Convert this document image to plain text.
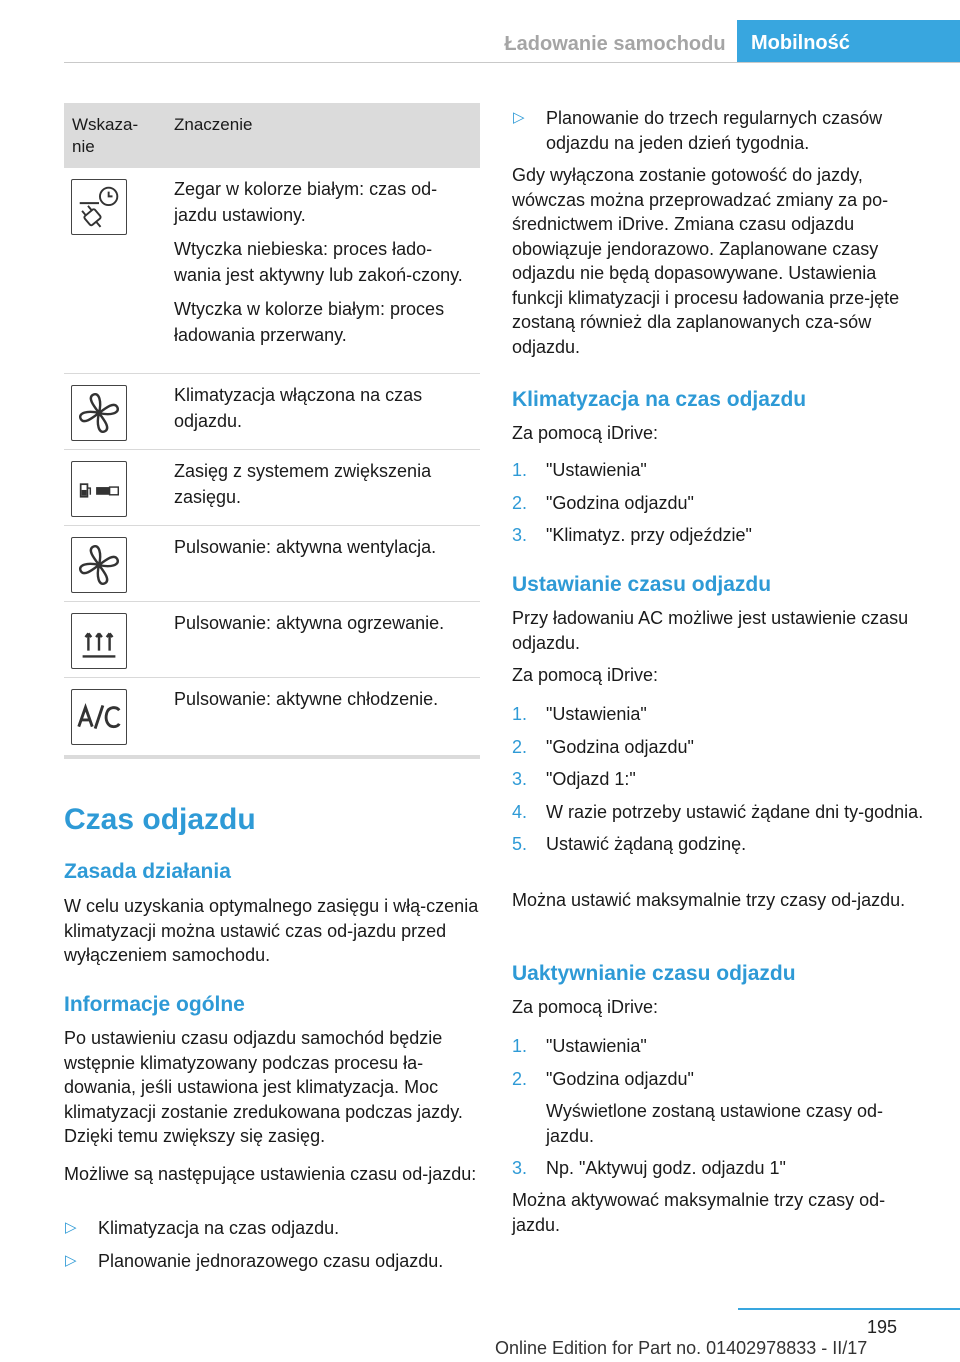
Ładowanie samochodu	Mobilność
Wskaza-
nie
Znaczenie

Zegar w kolorze białym: czas od-jazdu ustawiony.

Wtyczka niebieska: proces łado-wania jest aktywny lub zakoń-czony.

Wtyczka w kolorze białym: proces ładowania przerwany.

Klimatyzacja włączona na czas odjazdu.

Zasięg z systemem zwiększenia zasięgu.

Pulsowanie: aktywna wentylacja.

Pulsowanie: aktywna ogrzewanie.

Pulsowanie: aktywne chłodzenie.

Czas odjazdu
Zasada działania
W celu uzyskania optymalnego zasięgu i włą-czenia klimatyzacji można ustawić czas od-jazdu przed wyłączeniem samochodu.
Informacje ogólne
Po ustawieniu czasu odjazdu samochód będzie wstępnie klimatyzowany podczas procesu ła-dowania, jeśli ustawiona jest klimatyzacja. Moc klimatyzacji zostanie zredukowana podczas jazdy. Dzięki temu zwiększy się zasięg.
Możliwe są następujące ustawienia czasu od-jazdu:
▷ Klimatyzacja na czas odjazdu.
▷ Planowanie jednorazowego czasu odjazdu.
▷ Planowanie do trzech regularnych czasów odjazdu na jeden dzień tygodnia.
Gdy wyłączona zostanie gotowość do jazdy, wówczas można przeprowadzać zmiany za po-średnictwem iDrive. Zmiana czasu odjazdu obowiązuje jendorazowo. Zaplanowane czasy odjazdu nie będą dopasowywane. Ustawienia funkcji klimatyzacji i procesu ładowania prze-jęte zostaną również dla zaplanowanych cza-sów odjazdu.
Klimatyzacja na czas odjazdu
Za pomocą iDrive:
1. "Ustawienia"
2. "Godzina odjazdu"
3. "Klimatyz. przy odjeździe"
Ustawianie czasu odjazdu
Przy ładowaniu AC możliwe jest ustawienie czasu odjazdu.
Za pomocą iDrive:
1. "Ustawienia"
2. "Godzina odjazdu"
3. "Odjazd 1:"
4. W razie potrzeby ustawić żądane dni ty-godnia.
5. Ustawić żądaną godzinę.
Można ustawić maksymalnie trzy czasy od-jazdu.
Uaktywnianie czasu odjazdu
Za pomocą iDrive:
1. "Ustawienia"
2. "Godzina odjazdu"
Wyświetlone zostaną ustawione czasy od-jazdu.
3. Np. "Aktywuj godz. odjazdu 1"
Można aktywować maksymalnie trzy czasy od-jazdu.
195
Online Edition for Part no. 01402978833 - II/17
